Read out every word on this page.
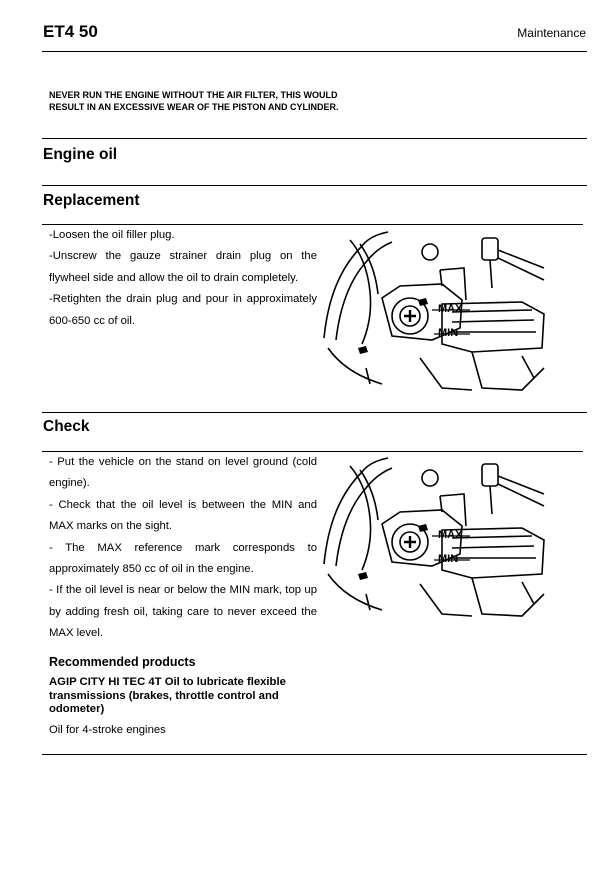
ET4 50	Maintenance
NEVER RUN THE ENGINE WITHOUT THE AIR FILTER, THIS WOULD RESULT IN AN EXCESSIVE WEAR OF THE PISTON AND CYLINDER.
Engine oil
Replacement

-Loosen the oil filler plug.

-Unscrew the gauze strainer drain plug on the flywheel side and allow the oil to drain completely.

-Retighten the drain plug and pour in approximately 600-650 cc of oil.

MAX
MIN
Check

- Put the vehicle on the stand on level ground (cold engine).

- Check that the oil level is between the MIN and MAX marks on the sight.

- The MAX reference mark corresponds to approximately 850 cc of oil in the engine.

- If the oil level is near or below the MIN mark, top up by adding fresh oil, taking care to never exceed the MAX level.

MAX
MIN
Recommended products
AGIP CITY HI TEC 4T Oil to lubricate flexible transmissions (brakes, throttle control and odometer)
Oil for 4-stroke engines
